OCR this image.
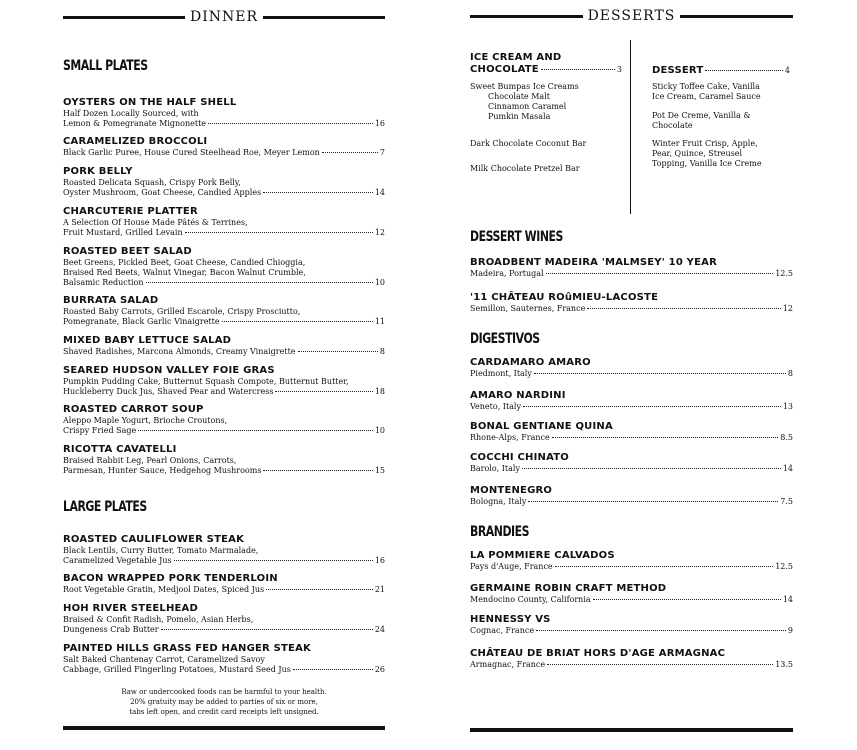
DINNER
SMALL PLATES
OYSTERS ON THE HALF SHELL
Half Dozen Locally Sourced, with
Lemon & Pomegranate Mignonette	16
CARAMELIZED BROCCOLI
Black Garlic Puree, House Cured Steelhead Roe, Meyer Lemon	7
PORK BELLY
Roasted Delicata Squash, Crispy Pork Belly,
Oyster Mushroom, Goat Cheese, Candied Apples	14
CHARCUTERIE PLATTER
A Selection Of House Made Pâtés & Terrines,
Fruit Mustard, Grilled Levain	12
ROASTED BEET SALAD
Beet Greens, Pickled Beet, Goat Cheese, Candied Chioggia,
Braised Red Beets, Walnut Vinegar, Bacon Walnut Crumble,
Balsamic Reduction	10
BURRATA SALAD
Roasted Baby Carrots, Grilled Escarole, Crispy Prosciutto,
Pomegranate, Black Garlic Vinaigrette	11
MIXED BABY LETTUCE SALAD
Shaved Radishes, Marcona Almonds, Creamy Vinaigrette	8
SEARED HUDSON VALLEY FOIE GRAS
Pumpkin Pudding Cake, Butternut Squash Compote, Butternut Butter,
Huckleberry Duck Jus, Shaved Pear and Watercress	18
ROASTED CARROT SOUP
Aleppo Maple Yogurt, Brioche Croutons,
Crispy Fried Sage	10
RICOTTA CAVATELLI
Braised Rabbit Leg, Pearl Onions, Carrots,
Parmesan, Hunter Sauce, Hedgehog Mushrooms	15
LARGE PLATES
ROASTED CAULIFLOWER STEAK
Black Lentils, Curry Butter, Tomato Marmalade,
Caramelized Vegetable Jus	16
BACON WRAPPED PORK TENDERLOIN
Root Vegetable Gratin, Medjool Dates, Spiced Jus	21
HOH RIVER STEELHEAD
Braised & Confit Radish, Pomelo, Asian Herbs,
Dungeness Crab Butter	24
PAINTED HILLS GRASS FED HANGER STEAK
Salt Baked Chantenay Carrot, Caramelized Savoy
Cabbage, Grilled Fingerling Potatoes, Mustard Seed Jus	26
Raw or undercooked foods can be harmful to your health.
20% gratuity may be added to parties of six or more,
tabs left open, and credit card receipts left unsigned.
DESSERTS
ICE CREAM AND
CHOCOLATE	3
Sweet Bumpas Ice Creams
Chocolate Malt
Cinnamon Caramel
Pumkin Masala
Dark Chocolate Coconut Bar
Milk Chocolate Pretzel Bar
DESSERT	4
Sticky Toffee Cake, Vanilla
Ice Cream, Caramel Sauce
Pot De Creme, Vanilla &
Chocolate
Winter Fruit Crisp, Apple,
Pear, Quince, Streusel
Topping, Vanilla Ice Creme
DESSERT WINES
BROADBENT MADEIRA 'MALMSEY' 10 YEAR
Madeira, Portugal	12.5
'11 CHÂTEAU ROûMIEU-LACOSTE
Semillon, Sauternes, France	12
DIGESTIVOS
CARDAMARO AMARO
Piedmont, Italy	8
AMARO NARDINI
Veneto, Italy	13
BONAL GENTIANE QUINA
Rhone-Alps, France	8.5
COCCHI CHINATO
Barolo, Italy	14
MONTENEGRO
Bologna, Italy	7.5
BRANDIES
LA POMMIERE CALVADOS
Pays d'Auge, France	12.5
GERMAINE ROBIN CRAFT METHOD
Mendocino County, California	14
HENNESSY VS
Cognac, France	9
CHÂTEAU DE BRIAT HORS D'AGE ARMAGNAC
Armagnac, France	13.5
